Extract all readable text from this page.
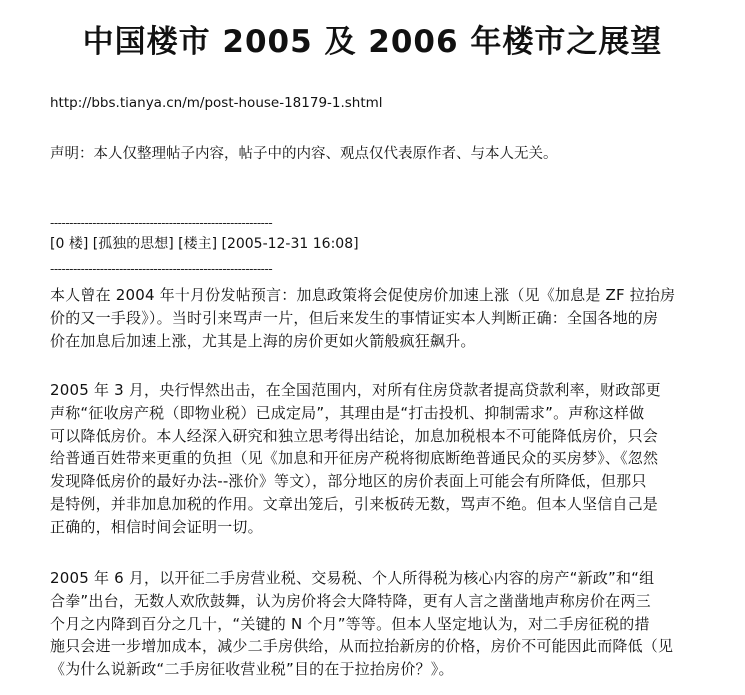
中国楼市 2005 及 2006 年楼市之展望
http://bbs.tianya.cn/m/post-house-18179-1.shtml
声明：本人仅整理帖子内容，帖子中的内容、观点仅代表原作者、与本人无关。
----------------------------------------------------------
[0 楼] [孤独的思想] [楼主] [2005-12-31 16:08]
----------------------------------------------------------
本人曾在 2004 年十月份发帖预言：加息政策将会促使房价加速上涨（见《加息是 ZF 拉抬房
价的又一手段》）。当时引来骂声一片，但后来发生的事情证实本人判断正确：全国各地的房
价在加息后加速上涨，尤其是上海的房价更如火箭般疯狂飙升。
2005 年 3 月，央行悍然出击，在全国范围内，对所有住房贷款者提高贷款利率，财政部更
声称“征收房产税（即物业税）已成定局”，其理由是“打击投机、抑制需求”。声称这样做
可以降低房价。本人经深入研究和独立思考得出结论，加息加税根本不可能降低房价，只会
给普通百姓带来更重的负担（见《加息和开征房产税将彻底断绝普通民众的买房梦》、《忽然
发现降低房价的最好办法--涨价》等文），部分地区的房价表面上可能会有所降低，但那只
是特例，并非加息加税的作用。文章出笼后，引来板砖无数，骂声不绝。但本人坚信自己是
正确的，相信时间会证明一切。
2005 年 6 月，以开征二手房营业税、交易税、个人所得税为核心内容的房产“新政”和“组
合拳”出台，无数人欢欣鼓舞，认为房价将会大降特降，更有人言之凿凿地声称房价在两三
个月之内降到百分之几十，“关键的 N 个月”等等。但本人坚定地认为，对二手房征税的措
施只会进一步增加成本，减少二手房供给，从而拉抬新房的价格，房价不可能因此而降低（见
《为什么说新政“二手房征收营业税”目的在于拉抬房价？》。
